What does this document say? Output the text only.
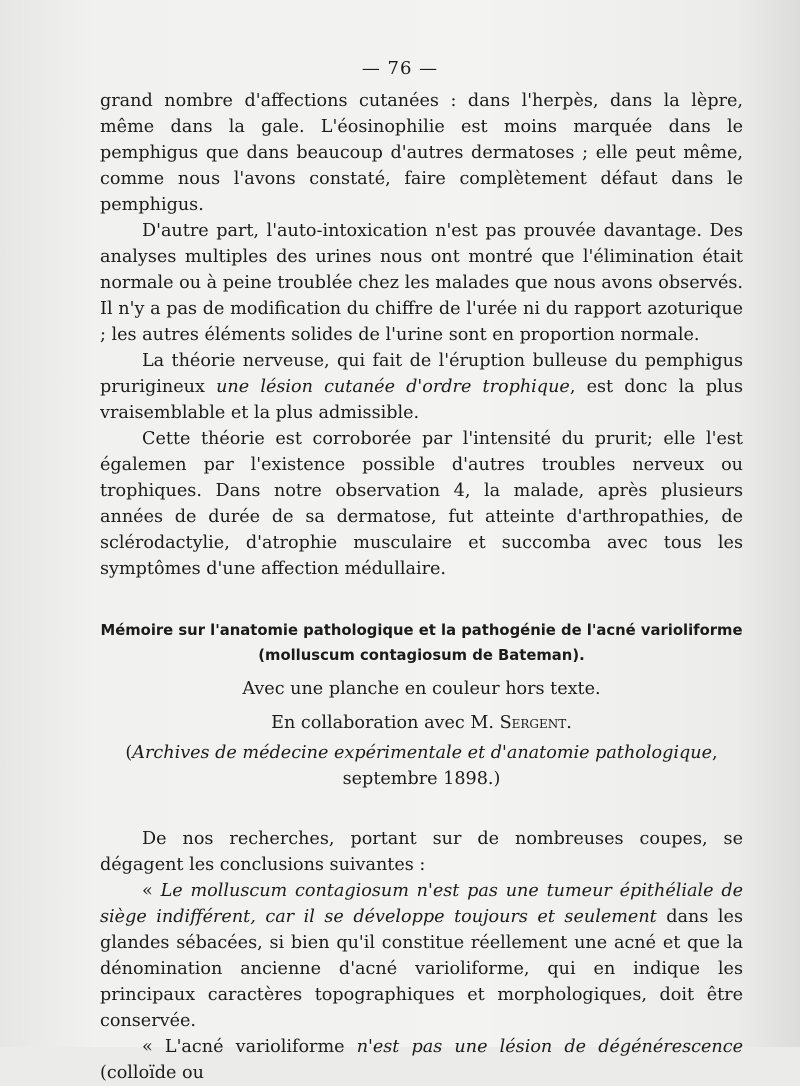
— 76 —

grand nombre d'affections cutanées : dans l'herpès, dans la lèpre, même dans la gale. L'éosinophilie est moins marquée dans le pemphigus que dans beaucoup d'autres dermatoses ; elle peut même, comme nous l'avons constaté, faire complètement défaut dans le pemphigus.

D'autre part, l'auto-intoxication n'est pas prouvée davantage. Des analyses multiples des urines nous ont montré que l'élimination était normale ou à peine troublée chez les malades que nous avons observés. Il n'y a pas de modification du chiffre de l'urée ni du rapport azoturique ; les autres éléments solides de l'urine sont en proportion normale.

La théorie nerveuse, qui fait de l'éruption bulleuse du pemphigus prurigineux une lésion cutanée d'ordre trophique, est donc la plus vraisemblable et la plus admissible.

Cette théorie est corroborée par l'intensité du prurit; elle l'est égalemen par l'existence possible d'autres troubles nerveux ou trophiques. Dans notre observation 4, la malade, après plusieurs années de durée de sa dermatose, fut atteinte d'arthropathies, de sclérodactylie, d'atrophie musculaire et succomba avec tous les symptômes d'une affection médullaire.

Mémoire sur l'anatomie pathologique et la pathogénie de l'acné varioliforme
(molluscum contagiosum de Bateman).

Avec une planche en couleur hors texte.

En collaboration avec M. Sergent.

(Archives de médecine expérimentale et d'anatomie pathologique, septembre 1898.)

De nos recherches, portant sur de nombreuses coupes, se dégagent les conclusions suivantes :

« Le molluscum contagiosum n'est pas une tumeur épithéliale de siège indifférent, car il se développe toujours et seulement dans les glandes sébacées, si bien qu'il constitue réellement une acné et que la dénomination ancienne d'acné varioliforme, qui en indique les principaux caractères topographiques et morphologiques, doit être conservée.

« L'acné varioliforme n'est pas une lésion de dégénérescence (colloïde ou
